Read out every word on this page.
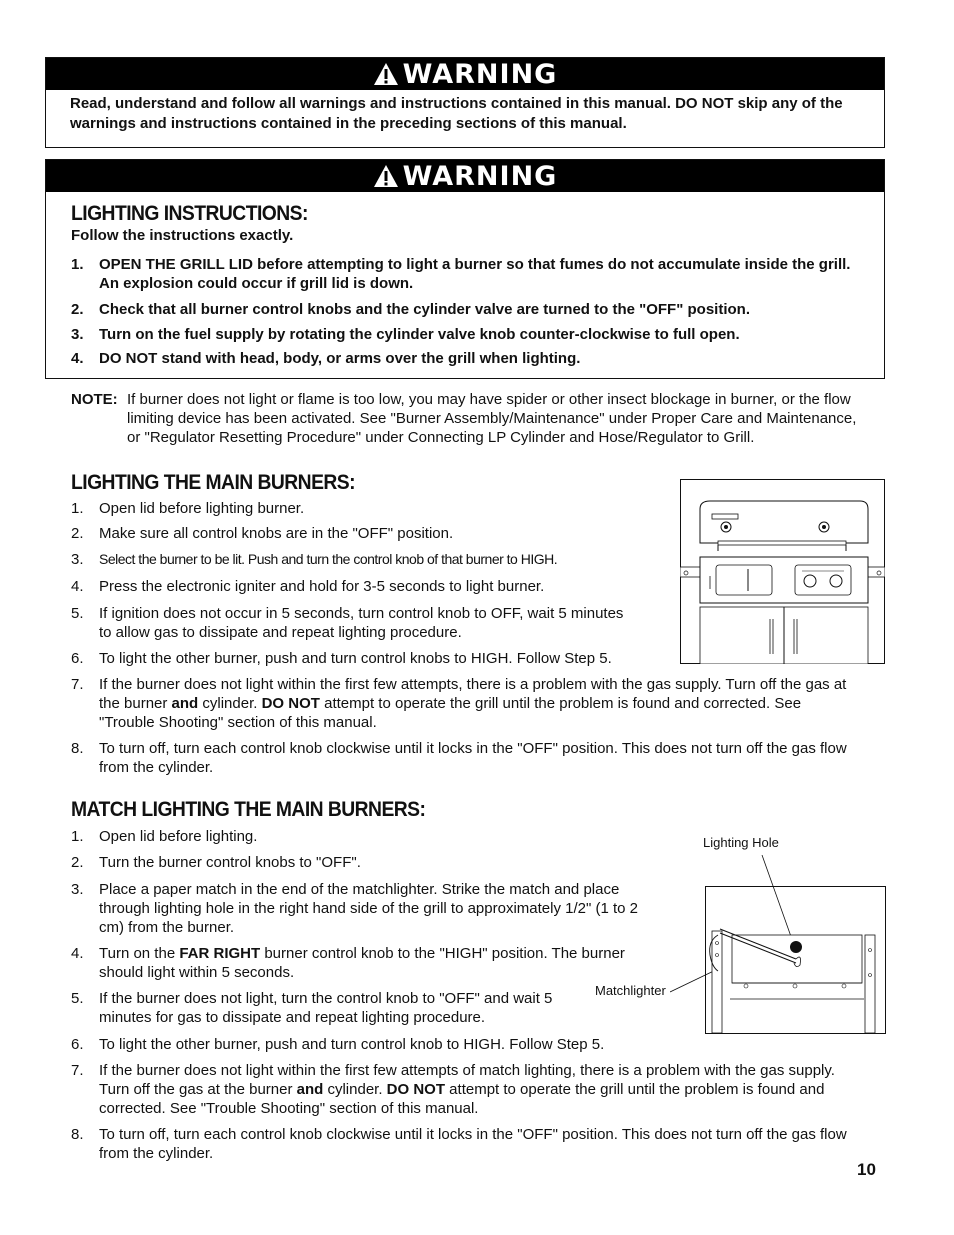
WARNING
Read, understand and follow all warnings and instructions contained in this manual. DO NOT skip any of the warnings and instructions contained in the preceding sections of this manual.
WARNING
LIGHTING INSTRUCTIONS:
Follow the instructions exactly.
1. OPEN THE GRILL LID before attempting to light a burner so that fumes do not accumulate inside the grill. An explosion could occur if grill lid is down.
2. Check that all burner control knobs and the cylinder valve are turned to the "OFF" position.
3. Turn on the fuel supply by rotating the cylinder valve knob counter-clockwise to full open.
4. DO NOT stand with head, body, or arms over the grill when lighting.
NOTE: If burner does not light or flame is too low, you may have spider or other insect blockage in burner, or the flow limiting device has been activated. See "Burner Assembly/Maintenance" under Proper Care and Maintenance, or "Regulator Resetting Procedure" under Connecting LP Cylinder and Hose/Regulator to Grill.
LIGHTING THE MAIN BURNERS:
1. Open lid before lighting burner.
2. Make sure all control knobs are in the "OFF" position.
3. Select the burner to be lit. Push and turn the control knob of that burner to HIGH.
4. Press the electronic igniter and hold for 3-5 seconds to light burner.
5. If ignition does not occur in 5 seconds, turn control knob to OFF, wait 5 minutes to allow gas to dissipate and repeat lighting procedure.
6. To light the other burner, push and turn control knobs to HIGH. Follow Step 5.
7. If the burner does not light within the first few attempts, there is a problem with the gas supply. Turn off the gas at the burner and cylinder. DO NOT attempt to operate the grill until the problem is found and corrected. See "Trouble Shooting" section of this manual.
8. To turn off, turn each control knob clockwise until it locks in the "OFF" position. This does not turn off the gas flow from the cylinder.
MATCH LIGHTING THE MAIN BURNERS:
1. Open lid before lighting.
2. Turn the burner control knobs to "OFF".
3. Place a paper match in the end of the matchlighter. Strike the match and place through lighting hole in the right hand side of the grill to approximately 1/2" (1 to 2 cm) from the burner.
4. Turn on the FAR RIGHT burner control knob to the "HIGH" position. The burner should light within 5 seconds.
5. If the burner does not light, turn the control knob to "OFF" and wait 5 minutes for gas to dissipate and repeat lighting procedure.
6. To light the other burner, push and turn control knob to HIGH. Follow Step 5.
7. If the burner does not light within the first few attempts of match lighting, there is a problem with the gas supply. Turn off the gas at the burner and cylinder. DO NOT attempt to operate the grill until the problem is found and corrected. See "Trouble Shooting" section of this manual.
8. To turn off, turn each control knob clockwise until it locks in the "OFF" position. This does not turn off the gas flow from the cylinder.
Lighting Hole
Matchlighter
10
